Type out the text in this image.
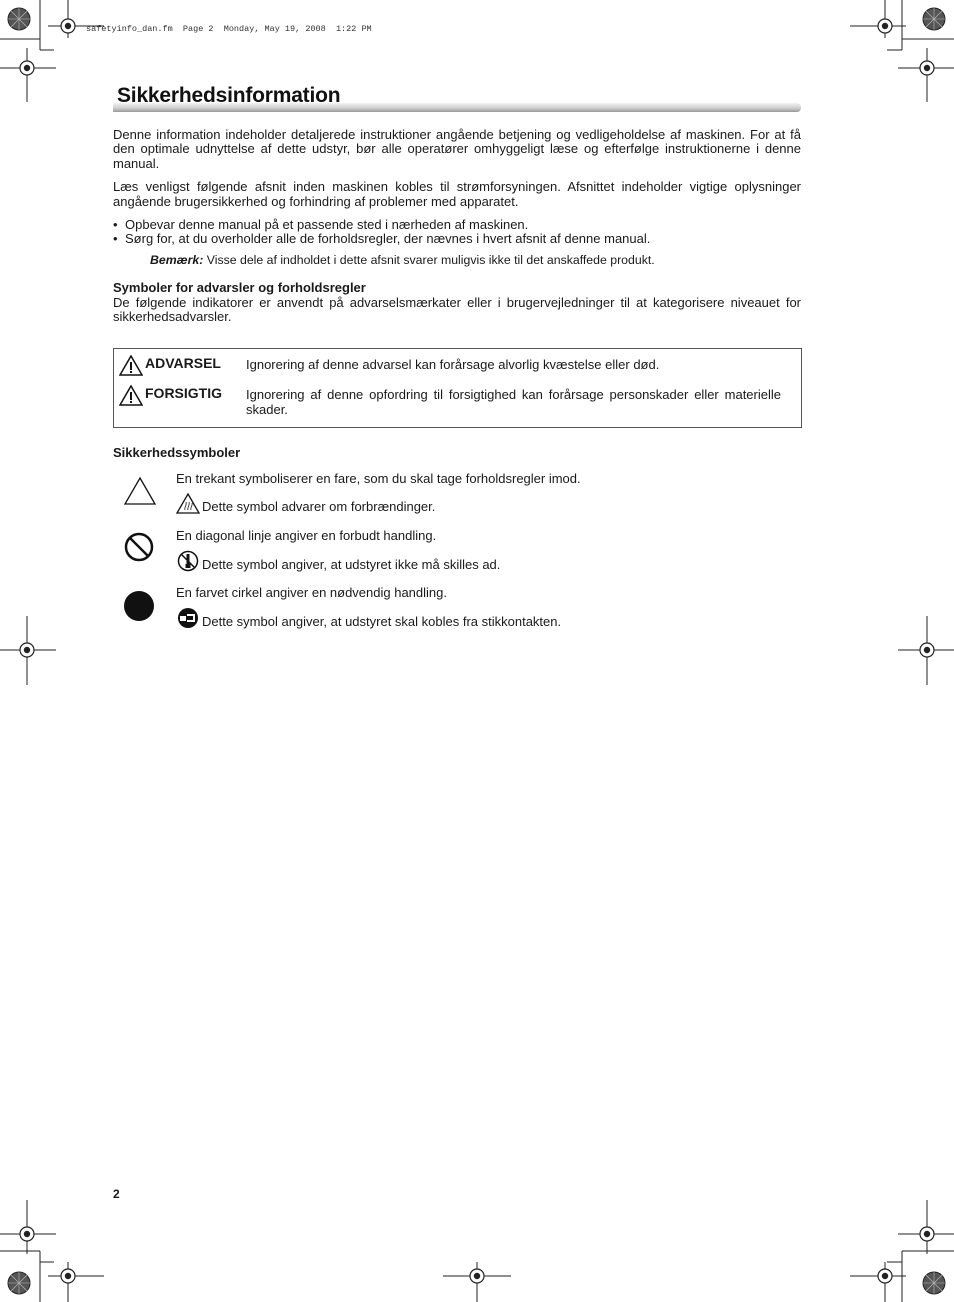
safetyinfo_dan.fm  Page 2  Monday, May 19, 2008  1:22 PM
Sikkerhedsinformation

Denne information indeholder detaljerede instruktioner angående betjening og vedligeholdelse af maskinen. For at få den optimale udnyttelse af dette udstyr, bør alle operatører omhyggeligt læse og efterfølge instruktionerne i denne manual.

Læs venligst følgende afsnit inden maskinen kobles til strømforsyningen. Afsnittet indeholder vigtige oplysninger angående brugersikkerhed og forhindring af problemer med apparatet.

• Opbevar denne manual på et passende sted i nærheden af maskinen.
• Sørg for, at du overholder alle de forholdsregler, der nævnes i hvert afsnit af denne manual.
Bemærk: Visse dele af indholdet i dette afsnit svarer muligvis ikke til det anskaffede produkt.
Symboler for advarsler og forholdsregler

De følgende indikatorer er anvendt på advarselsmærkater eller i brugervejledninger til at kategorisere niveauet for sikkerhedsadvarsler.

ADVARSEL Ignorering af denne advarsel kan forårsage alvorlig kvæstelse eller død.
FORSIGTIG Ignorering af denne opfordring til forsigtighed kan forårsage personskader eller materielle skader.
Sikkerhedssymboler
En trekant symboliserer en fare, som du skal tage forholdsregler imod.
Dette symbol advarer om forbrændinger.
En diagonal linje angiver en forbudt handling.
Dette symbol angiver, at udstyret ikke må skilles ad.
En farvet cirkel angiver en nødvendig handling.
Dette symbol angiver, at udstyret skal kobles fra stikkontakten.
2
